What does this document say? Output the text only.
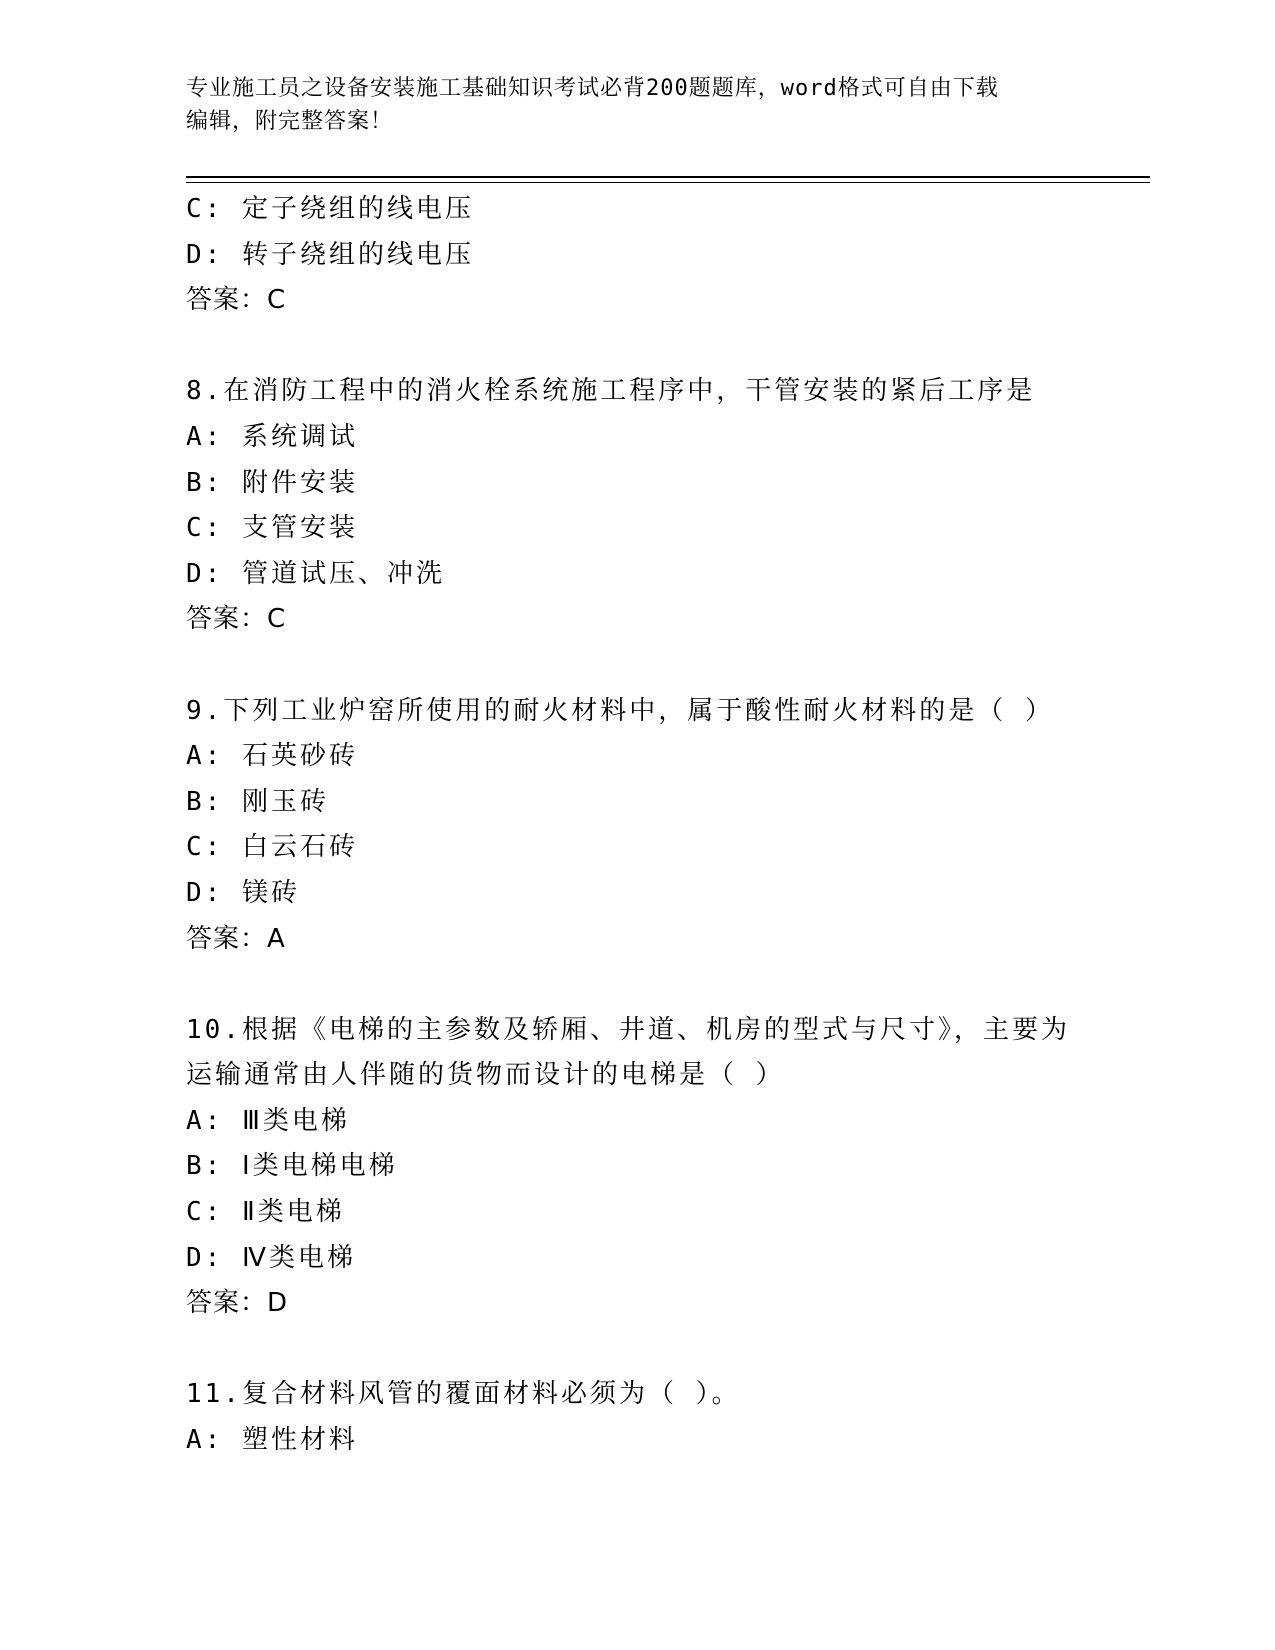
专业施工员之设备安装施工基础知识考试必背200题题库，word格式可自由下载
编辑，附完整答案！
C: 定子绕组的线电压
D: 转子绕组的线电压
答案：C
8.在消防工程中的消火栓系统施工程序中，干管安装的紧后工序是
A: 系统调试
B: 附件安装
C: 支管安装
D: 管道试压、冲洗
答案：C
9.下列工业炉窑所使用的耐火材料中，属于酸性耐火材料的是（ ）
A: 石英砂砖
B: 刚玉砖
C: 白云石砖
D: 镁砖
答案：A
10.根据《电梯的主参数及轿厢、井道、机房的型式与尺寸》，主要为
运输通常由人伴随的货物而设计的电梯是（ ）
A: Ⅲ类电梯
B: Ⅰ类电梯电梯
C: Ⅱ类电梯
D: Ⅳ类电梯
答案：D
11.复合材料风管的覆面材料必须为（ ）。
A: 塑性材料
